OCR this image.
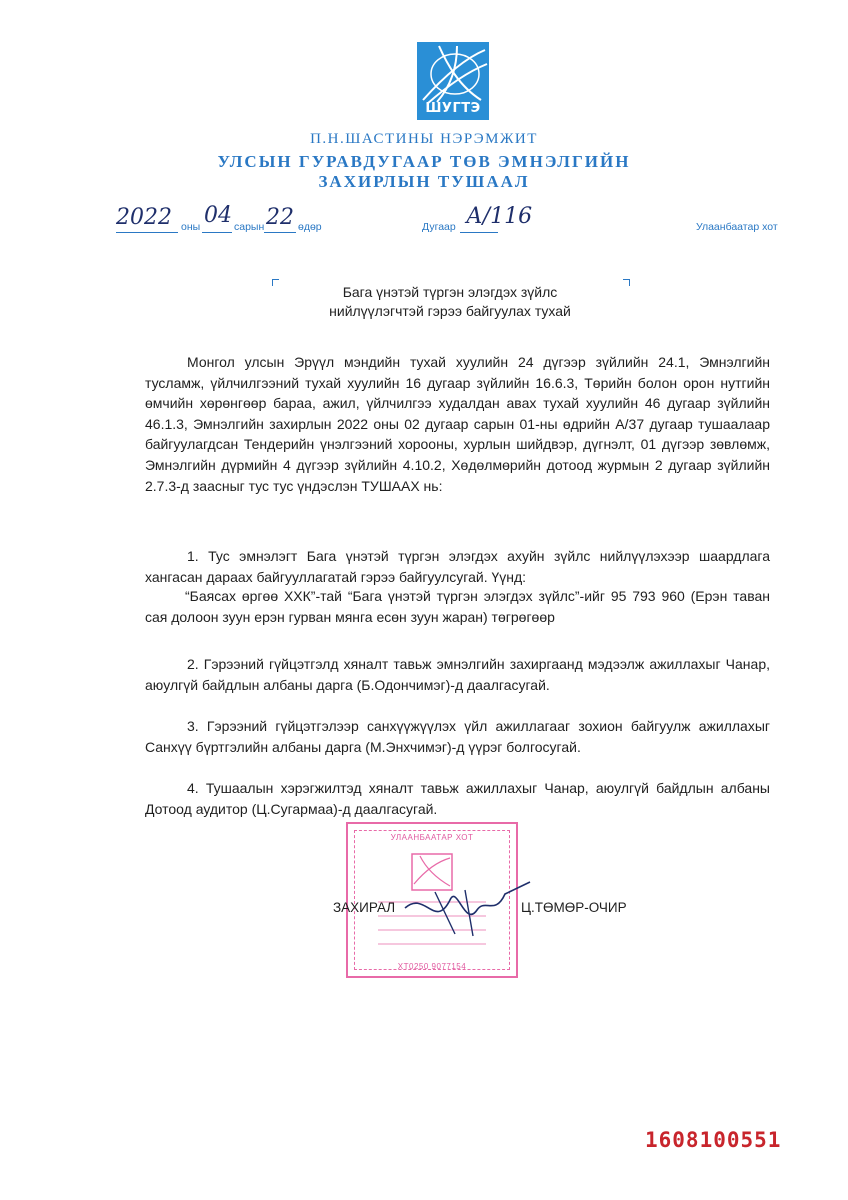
ШУГТЭ
П.Н.ШАСТИНЫ НЭРЭМЖИТ
УЛСЫН ГУРАВДУГААР ТӨВ ЭМНЭЛГИЙН
ЗАХИРЛЫН ТУШААЛ
2022 оны 04 сарын 22 өдөр	Дугаар А/116	Улаанбаатар хот
Бага үнэтэй түргэн элэгдэх зүйлс
нийлүүлэгчтэй гэрээ байгуулах тухай

Монгол улсын Эрүүл мэндийн тухай хуулийн 24 дүгээр зүйлийн 24.1, Эмнэлгийн тусламж, үйлчилгээний тухай хуулийн 16 дугаар зүйлийн 16.6.3, Төрийн болон орон нутгийн өмчийн хөрөнгөөр бараа, ажил, үйлчилгээ худалдан авах тухай хуулийн 46 дугаар зүйлийн 46.1.3, Эмнэлгийн захирлын 2022 оны 02 дугаар сарын 01-ны өдрийн А/37 дугаар тушаалаар байгуулагдсан Тендерийн үнэлгээний хорооны, хурлын шийдвэр, дүгнэлт, 01 дүгээр зөвлөмж, Эмнэлгийн дүрмийн 4 дүгээр зүйлийн 4.10.2, Хөдөлмөрийн дотоод журмын 2 дугаар зүйлийн 2.7.3-д заасныг тус тус үндэслэн ТУШААХ нь:

1. Тус эмнэлэгт Бага үнэтэй түргэн элэгдэх ахуйн зүйлс нийлүүлэхээр шаардлага хангасан дараах байгууллагатай гэрээ байгуулсугай. Үүнд:

“Баясах өргөө ХХК”-тай “Бага үнэтэй түргэн элэгдэх зүйлс”-ийг 95 793 960 (Ерэн таван сая долоон зуун ерэн гурван мянга есөн зуун жаран) төгрөгөөр

2. Гэрээний гүйцэтгэлд хяналт тавьж эмнэлгийн захиргаанд мэдээлж ажиллахыг Чанар, аюулгүй байдлын албаны дарга (Б.Одончимэг)-д даалгасугай.

3. Гэрээний гүйцэтгэлээр санхүүжүүлэх үйл ажиллагааг зохион байгуулж ажиллахыг Санхүү бүртгэлийн албаны дарга (М.Энхчимэг)-д үүрэг болгосугай.

4. Тушаалын хэрэгжилтэд хяналт тавьж ажиллахыг Чанар, аюулгүй байдлын албаны Дотоод аудитор (Ц.Сугармаа)-д даалгасугай.

УЛААНБААТАР ХОТ
ХТ0250 9077154
ЗАХИРАЛ	Ц.ТӨМӨР-ОЧИР
1608100551
